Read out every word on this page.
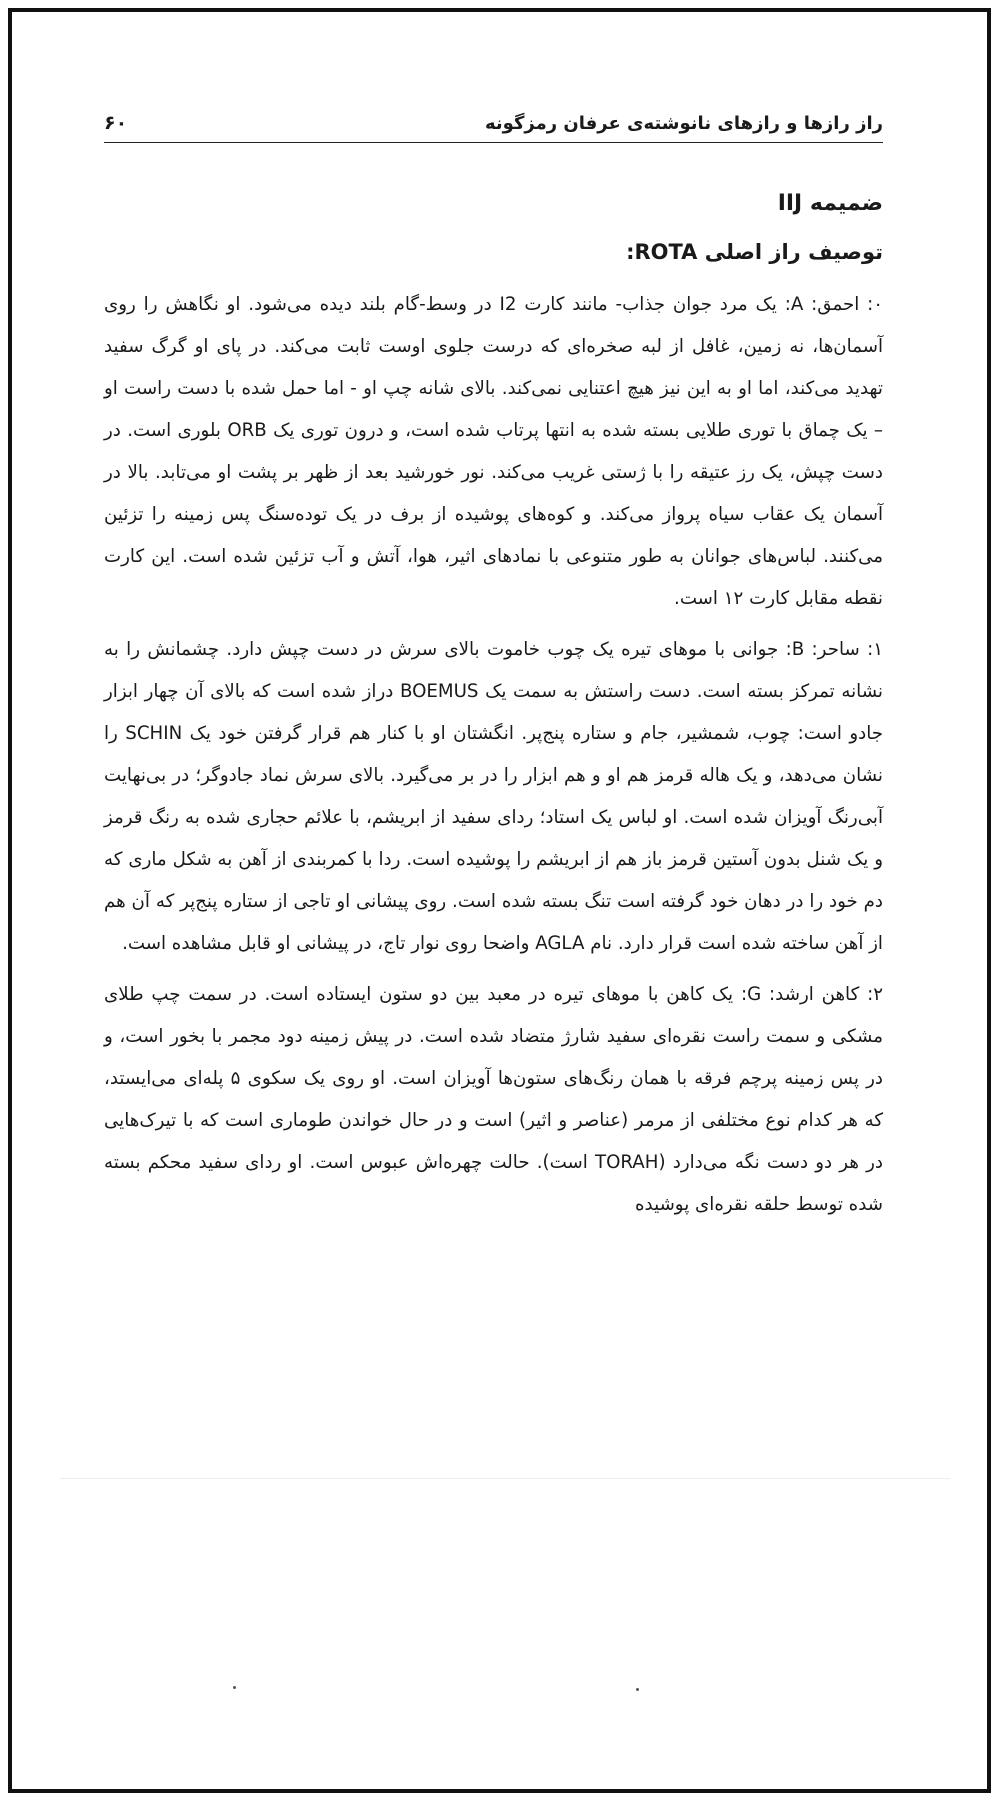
راز رازها و رازهای نانوشته‌ی عرفان رمزگونه
۶۰
ضمیمه IIJ
توصیف راز اصلی ROTA:

۰: احمق: A: یک مرد جوان جذاب- مانند کارت I2 در وسط-گام بلند دیده می‌شود. او نگاهش را روی آسمان‌ها، نه زمین، غافل از لبه صخره‌ای که درست جلوی اوست ثابت می‌کند. در پای او گرگ سفید تهدید می‌کند، اما او به این نیز هیچ اعتنایی نمی‌کند. بالای شانه چپ او - اما حمل شده با دست راست او – یک چماق با توری طلایی بسته شده به انتها پرتاب شده است، و درون توری یک ORB بلوری است. در دست چپش، یک رز عتیقه را با ژستی غریب می‌کند. نور خورشید بعد از ظهر بر پشت او می‌تابد. بالا در آسمان یک عقاب سیاه پرواز می‌کند. و کوه‌های پوشیده از برف در یک توده‌سنگ پس زمینه را تزئین می‌کنند. لباس‌های جوانان به طور متنوعی با نمادهای اثیر، هوا، آتش و آب تزئین شده است. این کارت نقطه مقابل کارت ۱۲ است.

۱: ساحر: B: جوانی با موهای تیره یک چوب خاموت بالای سرش در دست چپش دارد. چشمانش را به نشانه تمرکز بسته است. دست راستش به سمت یک BOEMUS دراز شده است که بالای آن چهار ابزار جادو است: چوب، شمشیر، جام و ستاره پنج‌پر. انگشتان او با کنار هم قرار گرفتن خود یک SCHIN را نشان می‌دهد، و یک هاله قرمز هم او و هم ابزار را در بر می‌گیرد. بالای سرش نماد جادوگر؛ در بی‌نهایت آبی‌رنگ آویزان شده است. او لباس یک استاد؛ ردای سفید از ابریشم، با علائم حجاری شده به رنگ قرمز و یک شنل بدون آستین قرمز باز هم از ابریشم را پوشیده است. ردا با کمربندی از آهن به شکل ماری که دم خود را در دهان خود گرفته است تنگ بسته شده است. روی پیشانی او تاجی از ستاره پنج‌پر که آن هم از آهن ساخته شده است قرار دارد. نام AGLA واضحا روی نوار تاج، در پیشانی او قابل مشاهده است.

۲: کاهن ارشد: G: یک کاهن با موهای تیره در معبد بین دو ستون ایستاده است. در سمت چپ طلای مشکی و سمت راست نقره‌ای سفید شارژ متضاد شده است. در پیش زمینه دود مجمر با بخور است، و در پس زمینه پرچم فرقه با همان رنگ‌های ستون‌ها آویزان است. او روی یک سکوی ۵ پله‌ای می‌ایستد، که هر کدام نوع مختلفی از مرمر (عناصر و اثیر) است و در حال خواندن طوماری است که با تیرک‌هایی در هر دو دست نگه می‌دارد (TORAH است). حالت چهره‌اش عبوس است. او ردای سفید محکم بسته شده توسط حلقه نقره‌ای پوشیده
